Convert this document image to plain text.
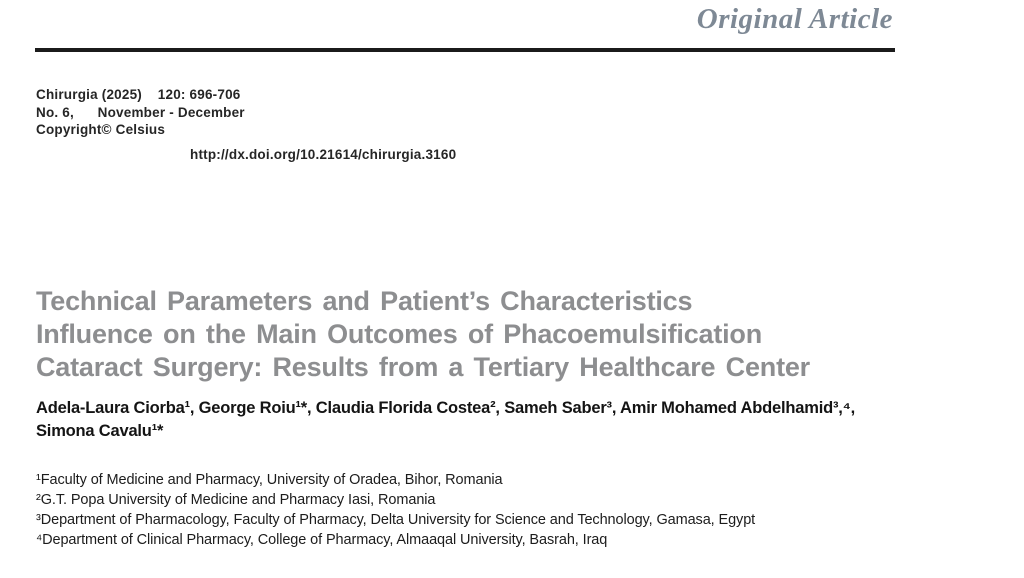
Original Article
Chirurgia (2025)    120: 696-706
No. 6,      November - December
Copyright© Celsius
http://dx.doi.org/10.21614/chirurgia.3160
Technical Parameters and Patient’s Characteristics
Influence on the Main Outcomes of Phacoemulsification
Cataract Surgery: Results from a Tertiary Healthcare Center
Adela-Laura Ciorba¹, George Roiu¹*, Claudia Florida Costea², Sameh Saber³, Amir Mohamed Abdelhamid³,⁴,
Simona Cavalu¹*
¹Faculty of Medicine and Pharmacy, University of Oradea, Bihor, Romania
²G.T. Popa University of Medicine and Pharmacy Iasi, Romania
³Department of Pharmacology, Faculty of Pharmacy, Delta University for Science and Technology, Gamasa, Egypt
⁴Department of Clinical Pharmacy, College of Pharmacy, Almaaqal University, Basrah, Iraq
